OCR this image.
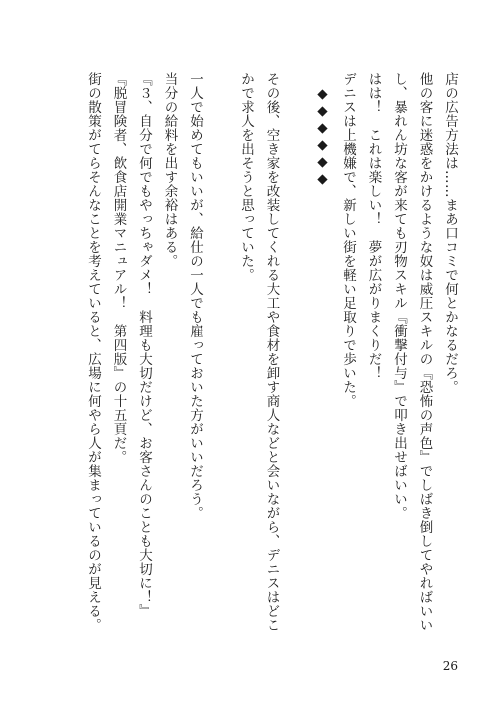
店の広告方法は……まあ口コミで何とかなるだろ。

他の客に迷惑をかけるような奴は威圧スキルの『恐怖の声色』でしばき倒してやればいいし、暴れん坊な客が来ても刃物スキル『衝撃付与』で叩き出せばいい。

はは！　これは楽しい！　夢が広がりまくりだ！

デニスは上機嫌で、新しい街を軽い足取りで歩いた。

◆◆◆◆◆◆

その後、空き家を改装してくれる大工や食材を卸す商人などと会いながら、デニスはどこかで求人を出そうと思っていた。

一人で始めてもいいが、給仕の一人でも雇っておいた方がいいだろう。

当分の給料を出す余裕はある。

『３、自分で何でもやっちゃダメ！　料理も大切だけど、お客さんのことも大切に！』

『脱冒険者、飲食店開業マニュアル！　第四版』の十五頁だ。

街の散策がてらそんなことを考えていると、広場に何やら人が集まっているのが見える。

26
